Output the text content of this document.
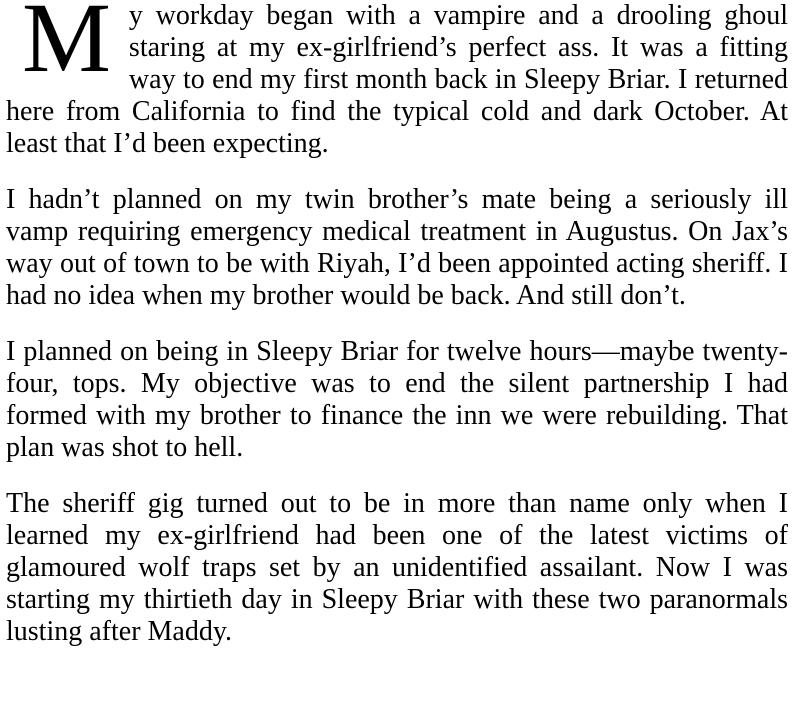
My workday began with a vampire and a drooling ghoul staring at my ex-girlfriend’s perfect ass. It was a fitting way to end my first month back in Sleepy Briar. I returned here from California to find the typical cold and dark October. At least that I’d been expecting.

I hadn’t planned on my twin brother’s mate being a seriously ill vamp requiring emergency medical treatment in Augustus. On Jax’s way out of town to be with Riyah, I’d been appointed acting sheriff. I had no idea when my brother would be back. And still don’t.

I planned on being in Sleepy Briar for twelve hours—maybe twenty-four, tops. My objective was to end the silent partnership I had formed with my brother to finance the inn we were rebuilding. That plan was shot to hell.

The sheriff gig turned out to be in more than name only when I learned my ex-girlfriend had been one of the latest victims of glamoured wolf traps set by an unidentified assailant. Now I was starting my thirtieth day in Sleepy Briar with these two paranormals lusting after Maddy.
